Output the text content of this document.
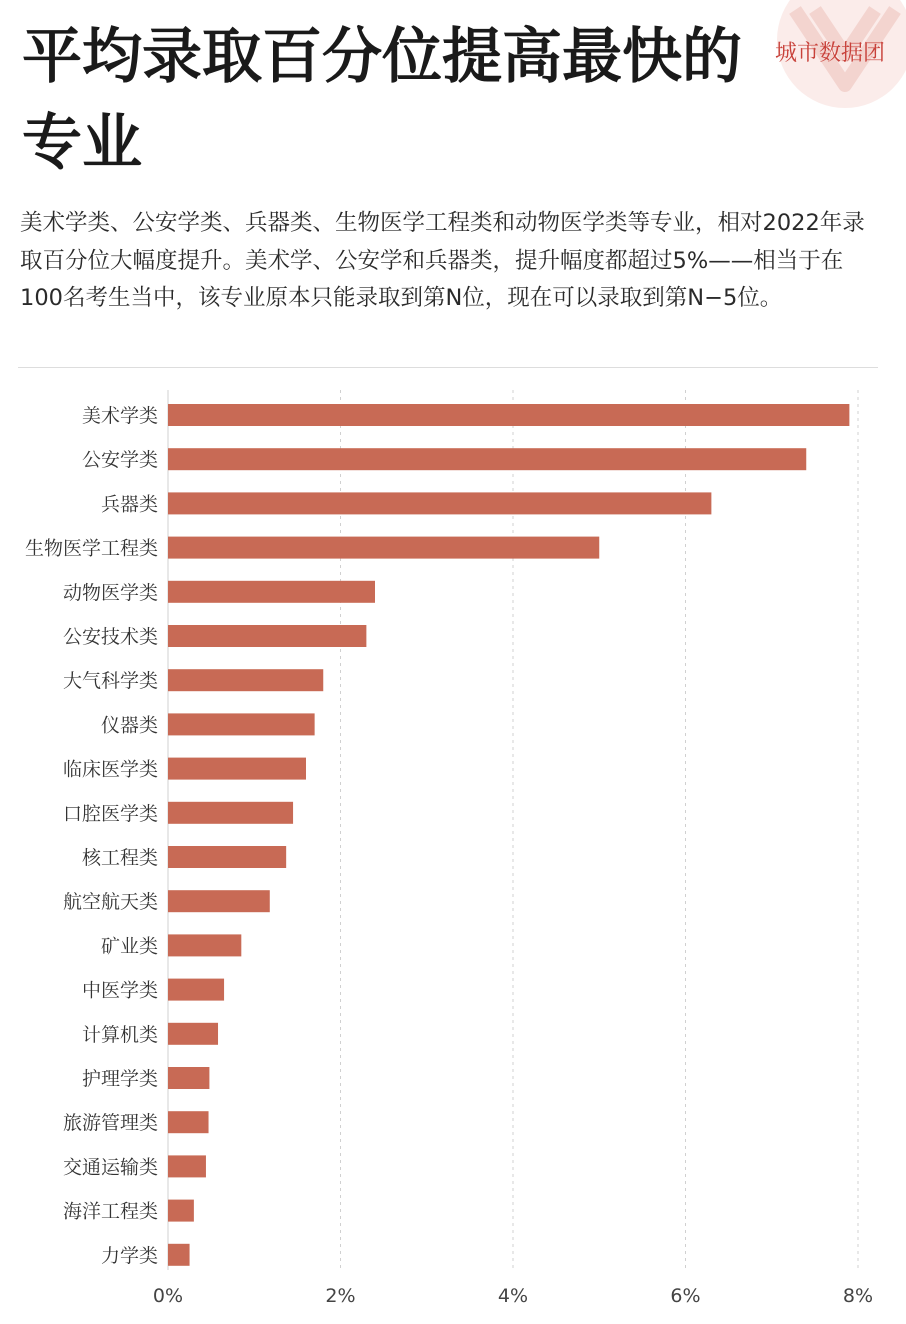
城市数据团
平均录取百分位提高最快的专业

美术学类、公安学类、兵器类、生物医学工程类和动物医学类等专业，相对2022年录取百分位大幅度提升。美术学、公安学和兵器类，提升幅度都超过5%——相当于在100名考生当中，该专业原本只能录取到第N位，现在可以录取到第N−5位。

0%	2%	4%	6%	8%
美术学类
公安学类
兵器类
生物医学工程类
动物医学类
公安技术类
大气科学类
仪器类
临床医学类
口腔医学类
核工程类
航空航天类
矿业类
中医学类
计算机类
护理学类
旅游管理类
交通运输类
海洋工程类
力学类
